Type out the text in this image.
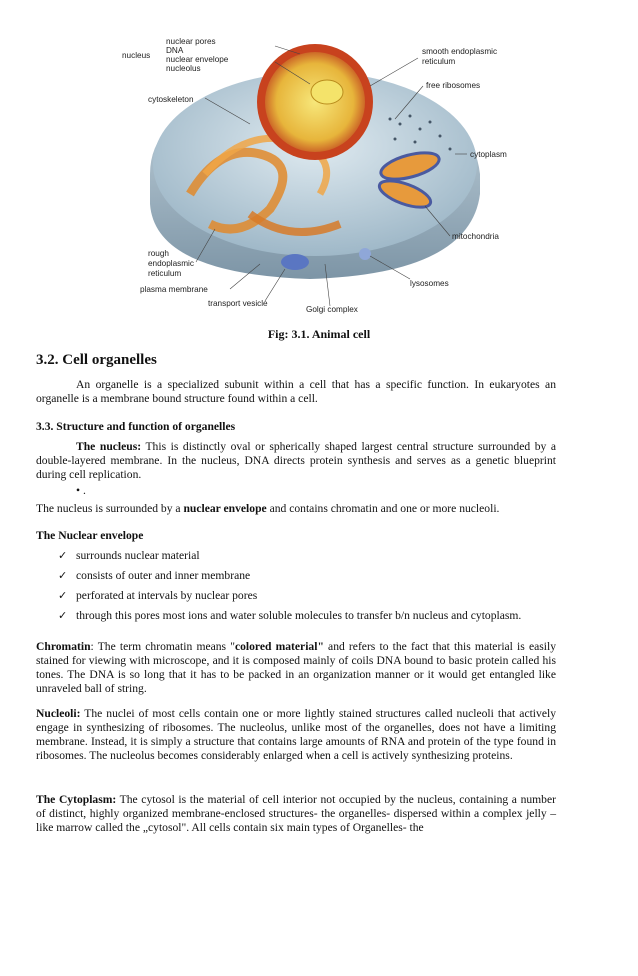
nucleus
nuclear pores
DNA
nuclear envelope
nucleolus
cytoskeleton
smooth endoplasmic
reticulum
free ribosomes
cytoplasm
mitochondria
rough
endoplasmic
reticulum
plasma membrane
transport vesicle
Golgi complex
lysosomes
Fig: 3.1. Animal cell
3.2. Cell organelles

An organelle is a specialized subunit within a cell that has a specific function. In eukaryotes an organelle is a membrane bound structure found within a cell.

3.3. Structure and function of organelles

The nucleus: This is distinctly oval or spherically shaped largest central structure surrounded by a double-layered membrane. In the nucleus, DNA directs protein synthesis and serves as a genetic blueprint during cell replication.

• .

The nucleus is surrounded by a nuclear envelope and contains chromatin and one or more nucleoli.

The Nuclear envelope
✓ surrounds nuclear material
✓ consists of outer and inner membrane
✓ perforated at intervals by nuclear pores
✓ through this pores most ions and water soluble molecules to transfer b/n nucleus and cytoplasm.

Chromatin: The term chromatin means "colored material" and refers to the fact that this material is easily stained for viewing with microscope, and it is composed mainly of coils DNA bound to basic protein called his tones. The DNA is so long that it has to be packed in an organization manner or it would get entangled like unraveled ball of string.

Nucleoli: The nuclei of most cells contain one or more lightly stained structures called nucleoli that actively engage in synthesizing of ribosomes. The nucleolus, unlike most of the organelles, does not have a limiting membrane. Instead, it is simply a structure that contains large amounts of RNA and protein of the type found in ribosomes. The nucleolus becomes considerably enlarged when a cell is actively synthesizing proteins.

The Cytoplasm: The cytosol is the material of cell interior not occupied by the nucleus, containing a number of distinct, highly organized membrane-enclosed structures- the organelles- dispersed within a complex jelly – like marrow called the „cytosol". All cells contain six main types of Organelles- the
